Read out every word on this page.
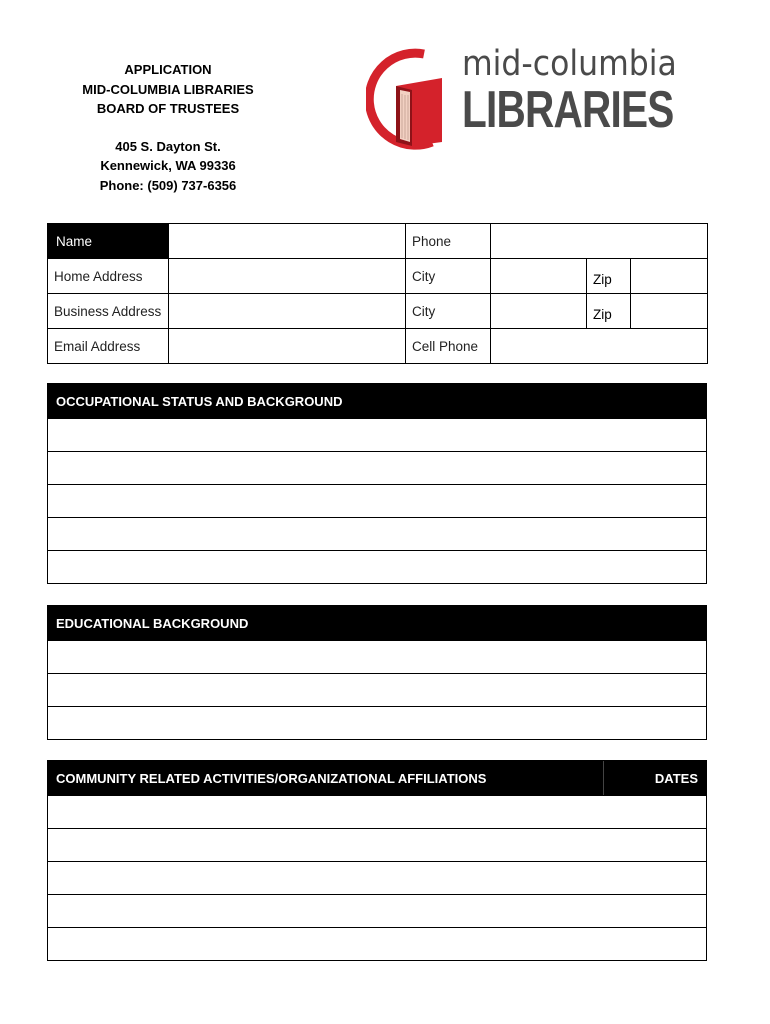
APPLICATION
MID-COLUMBIA LIBRARIES
BOARD OF TRUSTEES
405 S. Dayton St.
Kennewick, WA 99336
Phone: (509) 737-6356
mid-columbia
LIBRARIES
Name		Phone			
Home Address		City		Zip	

Business Address		City		Zip	

Email Address		Cell Phone			
OCCUPATIONAL STATUS AND BACKGROUND
EDUCATIONAL BACKGROUND
COMMUNITY RELATED ACTIVITIES/ORGANIZATIONAL AFFILIATIONS	DATES
